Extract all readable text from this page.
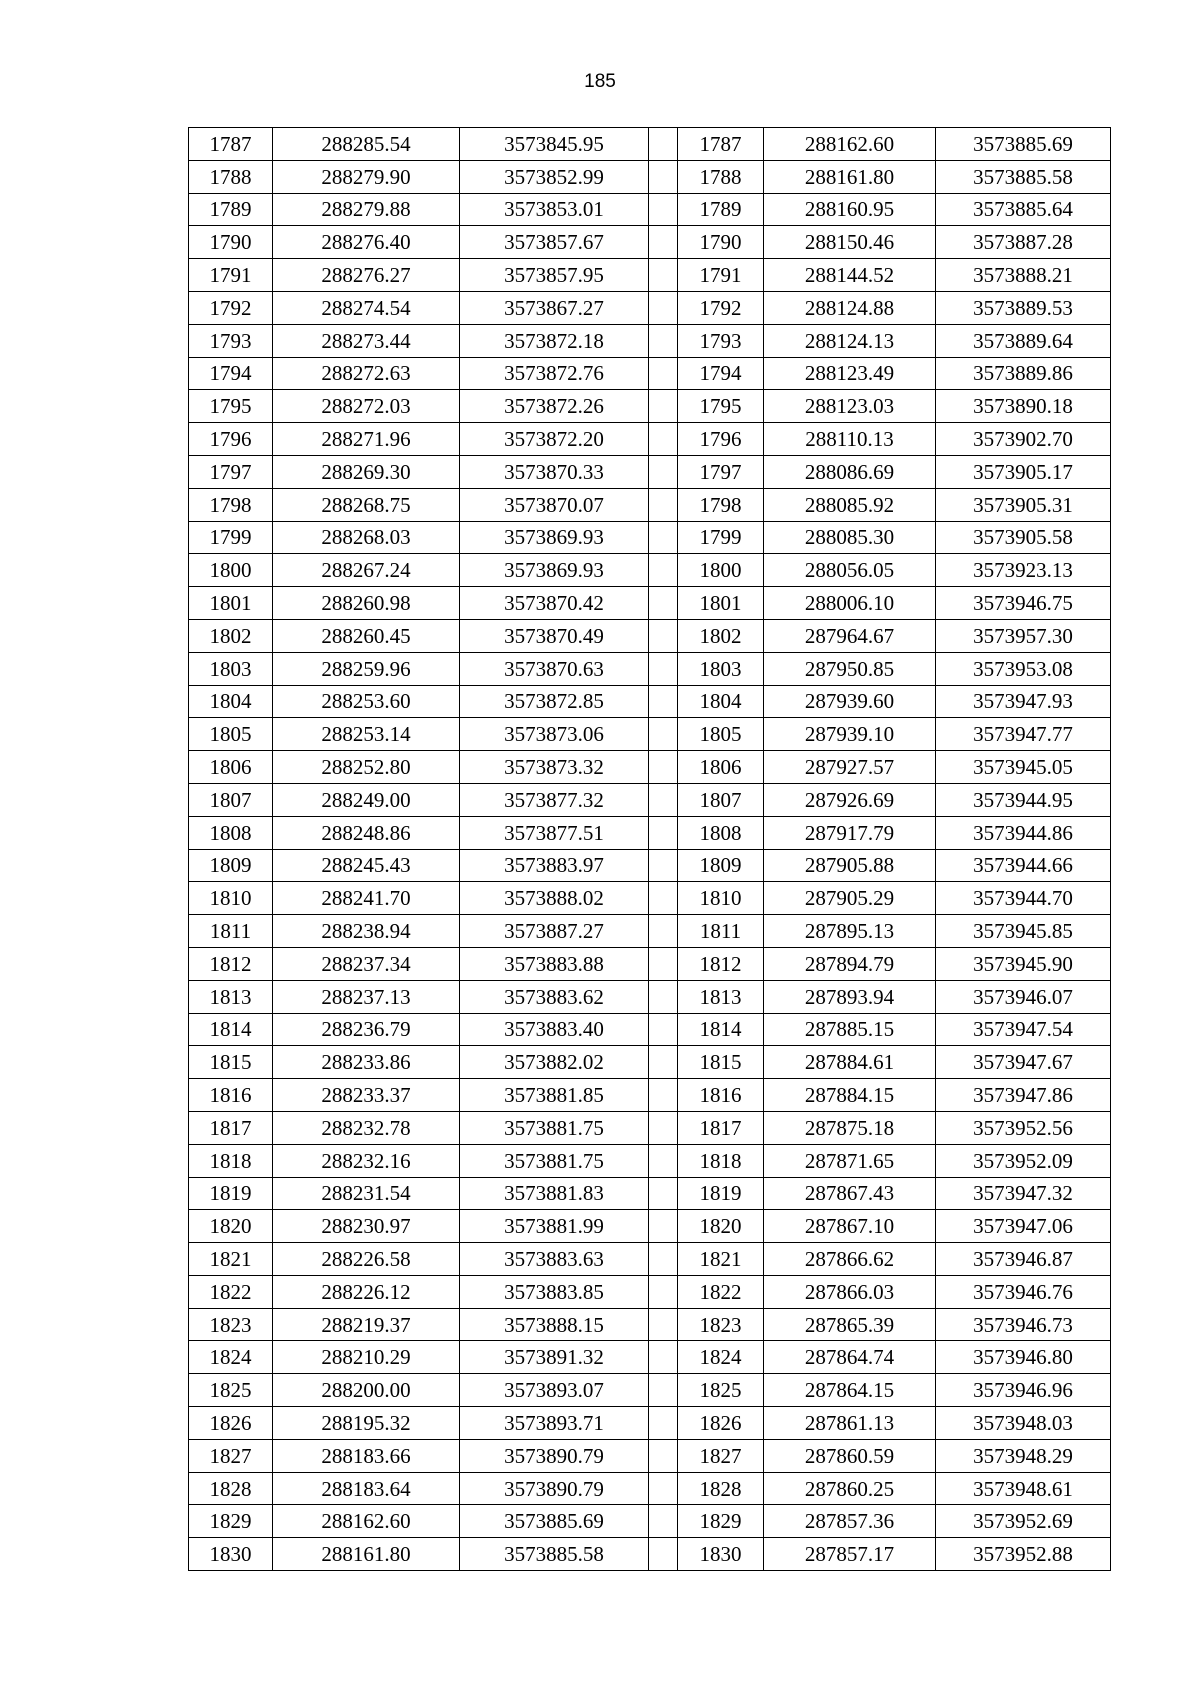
185
1787	288285.54	3573845.95		1787	288162.60	3573885.69
1788	288279.90	3573852.99		1788	288161.80	3573885.58
1789	288279.88	3573853.01		1789	288160.95	3573885.64
1790	288276.40	3573857.67		1790	288150.46	3573887.28
1791	288276.27	3573857.95		1791	288144.52	3573888.21
1792	288274.54	3573867.27		1792	288124.88	3573889.53
1793	288273.44	3573872.18		1793	288124.13	3573889.64
1794	288272.63	3573872.76		1794	288123.49	3573889.86
1795	288272.03	3573872.26		1795	288123.03	3573890.18
1796	288271.96	3573872.20		1796	288110.13	3573902.70
1797	288269.30	3573870.33		1797	288086.69	3573905.17
1798	288268.75	3573870.07		1798	288085.92	3573905.31
1799	288268.03	3573869.93		1799	288085.30	3573905.58
1800	288267.24	3573869.93		1800	288056.05	3573923.13
1801	288260.98	3573870.42		1801	288006.10	3573946.75
1802	288260.45	3573870.49		1802	287964.67	3573957.30
1803	288259.96	3573870.63		1803	287950.85	3573953.08
1804	288253.60	3573872.85		1804	287939.60	3573947.93
1805	288253.14	3573873.06		1805	287939.10	3573947.77
1806	288252.80	3573873.32		1806	287927.57	3573945.05
1807	288249.00	3573877.32		1807	287926.69	3573944.95
1808	288248.86	3573877.51		1808	287917.79	3573944.86
1809	288245.43	3573883.97		1809	287905.88	3573944.66
1810	288241.70	3573888.02		1810	287905.29	3573944.70
1811	288238.94	3573887.27		1811	287895.13	3573945.85
1812	288237.34	3573883.88		1812	287894.79	3573945.90
1813	288237.13	3573883.62		1813	287893.94	3573946.07
1814	288236.79	3573883.40		1814	287885.15	3573947.54
1815	288233.86	3573882.02		1815	287884.61	3573947.67
1816	288233.37	3573881.85		1816	287884.15	3573947.86
1817	288232.78	3573881.75		1817	287875.18	3573952.56
1818	288232.16	3573881.75		1818	287871.65	3573952.09
1819	288231.54	3573881.83		1819	287867.43	3573947.32
1820	288230.97	3573881.99		1820	287867.10	3573947.06
1821	288226.58	3573883.63		1821	287866.62	3573946.87
1822	288226.12	3573883.85		1822	287866.03	3573946.76
1823	288219.37	3573888.15		1823	287865.39	3573946.73
1824	288210.29	3573891.32		1824	287864.74	3573946.80
1825	288200.00	3573893.07		1825	287864.15	3573946.96
1826	288195.32	3573893.71		1826	287861.13	3573948.03
1827	288183.66	3573890.79		1827	287860.59	3573948.29
1828	288183.64	3573890.79		1828	287860.25	3573948.61
1829	288162.60	3573885.69		1829	287857.36	3573952.69
1830	288161.80	3573885.58		1830	287857.17	3573952.88
